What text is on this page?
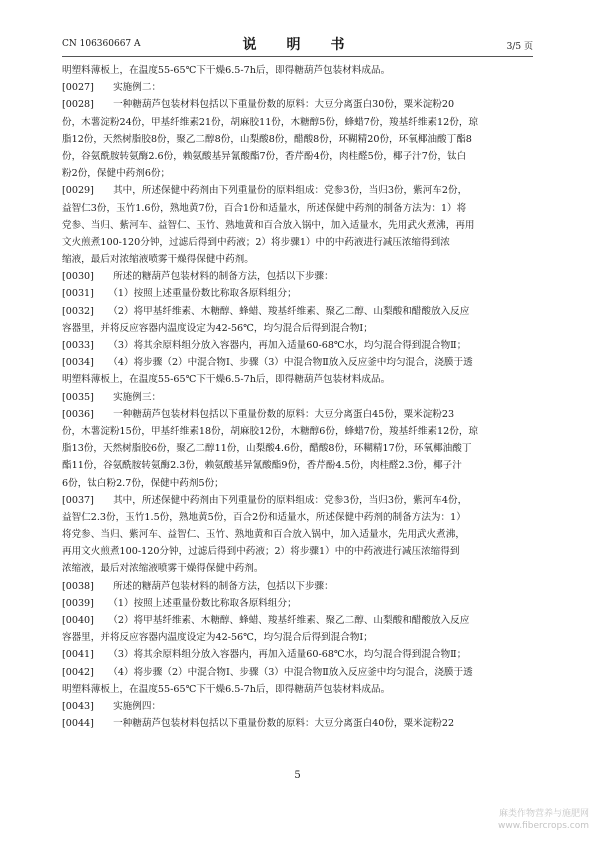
CN 106360667 A	说　明　书	3/5 页
明塑料薄板上，在温度55-65℃下干燥6.5-7h后，即得糖葫芦包装材料成品。
[0027]　　实施例二：
[0028]　　一种糖葫芦包装材料包括以下重量份数的原料：大豆分离蛋白30份，粟米淀粉20
份，木薯淀粉24份，甲基纤维素21份，胡麻胶11份，木糖醇5份，蜂蜡7份，羧基纤维素12份，琼
脂12份，天然树脂胶8份，聚乙二醇8份，山梨酸8份，醋酸8份，环糊精20份，环氧椰油酸丁酯8
份，谷氨酰胺转氨酶2.6份，赖氨酸基异氰酸酯7份，香芹酚4份，肉桂醛5份，椰子汁7份，钛白
粉2份，保健中药剂6份；
[0029]　　其中，所述保健中药剂由下列重量份的原料组成：党参3份，当归3份，紫河车2份，
益智仁3份，玉竹1.6份，熟地黄7份，百合1份和适量水，所述保健中药剂的制备方法为：1）将
党参、当归、紫河车、益智仁、玉竹、熟地黄和百合放入锅中，加入适量水，先用武火煮沸，再用
文火煎煮100-120分钟，过滤后得到中药液；2）将步骤1）中的中药液进行减压浓缩得到浓
缩液，最后对浓缩液喷雾干燥得保健中药剂。
[0030]　　所述的糖葫芦包装材料的制备方法，包括以下步骤：
[0031]　　（1）按照上述重量份数比称取各原料组分；
[0032]　　（2）将甲基纤维素、木糖醇、蜂蜡、羧基纤维素、聚乙二醇、山梨酸和醋酸放入反应
容器里，并将反应容器内温度设定为42-56℃，均匀混合后得到混合物Ⅰ；
[0033]　　（3）将其余原料组分放入容器内，再加入适量60-68℃水，均匀混合得到混合物Ⅱ；
[0034]　　（4）将步骤（2）中混合物Ⅰ、步骤（3）中混合物Ⅱ放入反应釜中均匀混合，浇膜于透
明塑料薄板上，在温度55-65℃下干燥6.5-7h后，即得糖葫芦包装材料成品。
[0035]　　实施例三：
[0036]　　一种糖葫芦包装材料包括以下重量份数的原料：大豆分离蛋白45份，粟米淀粉23
份，木薯淀粉15份，甲基纤维素18份，胡麻胶12份，木糖醇6份，蜂蜡7份，羧基纤维素12份，琼
脂13份，天然树脂胶6份，聚乙二醇11份，山梨酸4.6份，醋酸8份，环糊精17份，环氧椰油酸丁
酯11份，谷氨酰胺转氨酶2.3份，赖氨酸基异氰酸酯9份，香芹酚4.5份，肉桂醛2.3份，椰子汁
6份，钛白粉2.7份，保健中药剂5份；
[0037]　　其中，所述保健中药剂由下列重量份的原料组成：党参3份，当归3份，紫河车4份，
益智仁2.3份，玉竹1.5份，熟地黄5份，百合2份和适量水，所述保健中药剂的制备方法为：1）
将党参、当归、紫河车、益智仁、玉竹、熟地黄和百合放入锅中，加入适量水，先用武火煮沸，
再用文火煎煮100-120分钟，过滤后得到中药液；2）将步骤1）中的中药液进行减压浓缩得到
浓缩液，最后对浓缩液喷雾干燥得保健中药剂。
[0038]　　所述的糖葫芦包装材料的制备方法，包括以下步骤：
[0039]　　（1）按照上述重量份数比称取各原料组分；
[0040]　　（2）将甲基纤维素、木糖醇、蜂蜡、羧基纤维素、聚乙二醇、山梨酸和醋酸放入反应
容器里，并将反应容器内温度设定为42-56℃，均匀混合后得到混合物Ⅰ；
[0041]　　（3）将其余原料组分放入容器内，再加入适量60-68℃水，均匀混合得到混合物Ⅱ；
[0042]　　（4）将步骤（2）中混合物Ⅰ、步骤（3）中混合物Ⅱ放入反应釜中均匀混合，浇膜于透
明塑料薄板上，在温度55-65℃下干燥6.5-7h后，即得糖葫芦包装材料成品。
[0043]　　实施例四：
[0044]　　一种糖葫芦包装材料包括以下重量份数的原料：大豆分离蛋白40份，粟米淀粉22
5
麻类作物营养与施肥网
www.fibercrops.com
